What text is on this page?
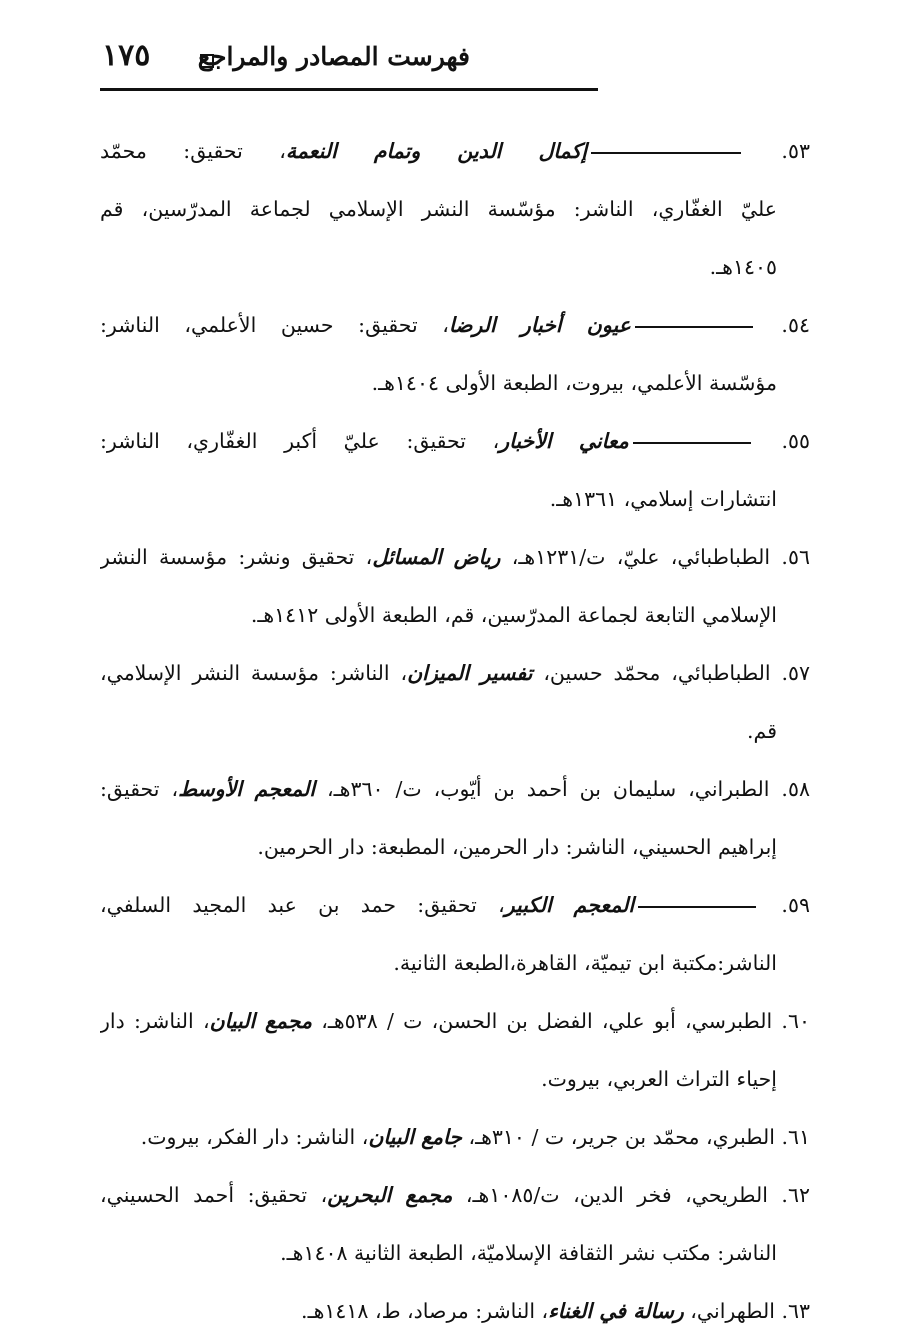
فهرست المصادر والمراجع
١٧٥

٥٣. إكمال الدين وتمام النعمة، تحقيق: محمّد
عليّ الغفّاري، الناشر: مؤسّسة النشر الإسلامي لجماعة المدرّسين، قم
١٤٠٥هـ.

٥٤. عيون أخبار الرضا، تحقيق: حسين الأعلمي، الناشر:
مؤسّسة الأعلمي، بيروت، الطبعة الأولى ١٤٠٤هـ.

٥٥. معاني الأخبار، تحقيق: عليّ أكبر الغفّاري، الناشر:
انتشارات إسلامي، ١٣٦١هـ.

٥٦. الطباطبائي، عليّ، ت/١٢٣١هـ، رياض المسائل، تحقيق ونشر: مؤسسة النشر
الإسلامي التابعة لجماعة المدرّسين، قم، الطبعة الأولى ١٤١٢هـ.

٥٧. الطباطبائي، محمّد حسين، تفسير الميزان، الناشر: مؤسسة النشر الإسلامي،
قم.

٥٨. الطبراني، سليمان بن أحمد بن أيّوب، ت/ ٣٦٠هـ، المعجم الأوسط، تحقيق:
إبراهيم الحسيني، الناشر: دار الحرمين، المطبعة: دار الحرمين.

٥٩. المعجم الكبير، تحقيق: حمد بن عبد المجيد السلفي،
الناشر:مكتبة ابن تيميّة، القاهرة،الطبعة الثانية.

٦٠. الطبرسي، أبو علي، الفضل بن الحسن، ت / ٥٣٨هـ، مجمع البيان، الناشر: دار
إحياء التراث العربي، بيروت.

٦١. الطبري، محمّد بن جرير، ت / ٣١٠هـ، جامع البيان، الناشر: دار الفكر، بيروت.

٦٢. الطريحي، فخر الدين، ت/١٠٨٥هـ، مجمع البحرين، تحقيق: أحمد الحسيني،
الناشر: مكتب نشر الثقافة الإسلاميّة، الطبعة الثانية ١٤٠٨هـ.

٦٣. الطهراني، رسالة في الغناء، الناشر: مرصاد، ط، ١٤١٨هـ.
